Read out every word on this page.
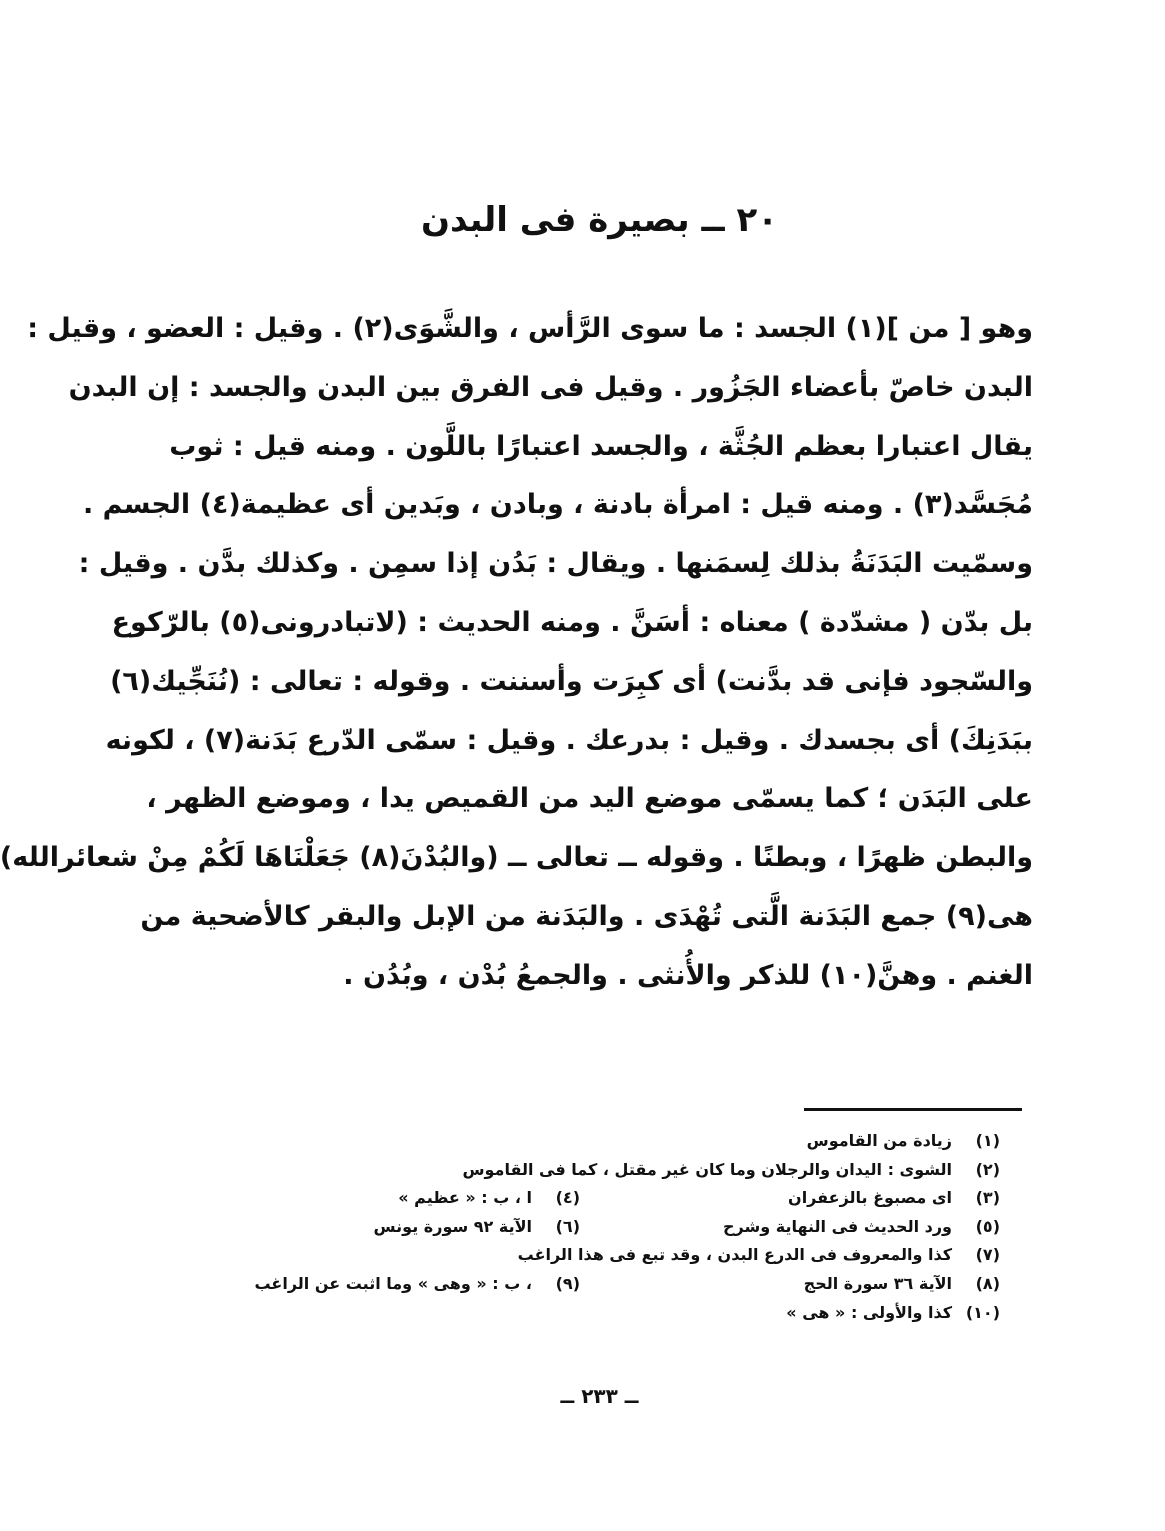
٢٠ ــ بصيرة فى البدن
وهو [ من ](١) الجسد : ما سوى الرَّأس ، والشَّوَى(٢) . وقيل : العضو ، وقيل :
البدن خاصّ بأعضاء الجَزُور . وقيل فى الفرق بين البدن والجسد : إن البدن
يقال اعتبارا بعظم الجُثَّة ، والجسد اعتبارًا باللَّون . ومنه قيل : ثوب
مُجَسَّد(٣) . ومنه قيل : امرأة بادنة ، وبادن ، وبَدين أى عظيمة(٤) الجسم .
وسمّيت البَدَنَةُ بذلك لِسمَنها . ويقال : بَدُن إذا سمِن . وكذلك بدَّن . وقيل :
بل بدّن ( مشدّدة ) معناه : أسَنَّ . ومنه الحديث : (لاتبادرونى(٥) بالرّكوع
والسّجود فإنى قد بدَّنت) أى كبِرَت وأسننت . وقوله : تعالى : (نُنَجِّيك(٦)
ببَدَنِكَ) أى بجسدك . وقيل : بدرعك . وقيل : سمّى الدّرع بَدَنة(٧) ، لكونه
على البَدَن ؛ كما يسمّى موضع اليد من القميص يدا ، وموضع الظهر ،
والبطن ظهرًا ، وبطنًا . وقوله ــ تعالى ــ (والبُدْنَ(٨) جَعَلْنَاهَا لَكُمْ مِنْ شعائرالله)
هى(٩) جمع البَدَنة الَّتى تُهْدَى . والبَدَنة من الإبل والبقر كالأضحية من
الغنم . وهنَّ(١٠) للذكر والأُنثى . والجمعُ بُدْن ، وبُدُن .
(١)زيادة من القاموس
(٢)الشوى : اليدان والرجلان وما كان غير مقتل ، كما فى القاموس
(٣)اى مصبوغ بالزعفران
(٤)ا ، ب : « عظيم »
(٥)ورد الحديث فى النهاية وشرح
(٦)الآية ٩٢ سورة يونس
(٧)كذا والمعروف فى الدرع البدن ، وقد تبع فى هذا الراغب
(٨)الآية ٣٦ سورة الحج
(٩)، ب : « وهى » وما اثبت عن الراغب
(١٠)كذا والأولى : « هى »
ــ ٢٣٣ ــ
